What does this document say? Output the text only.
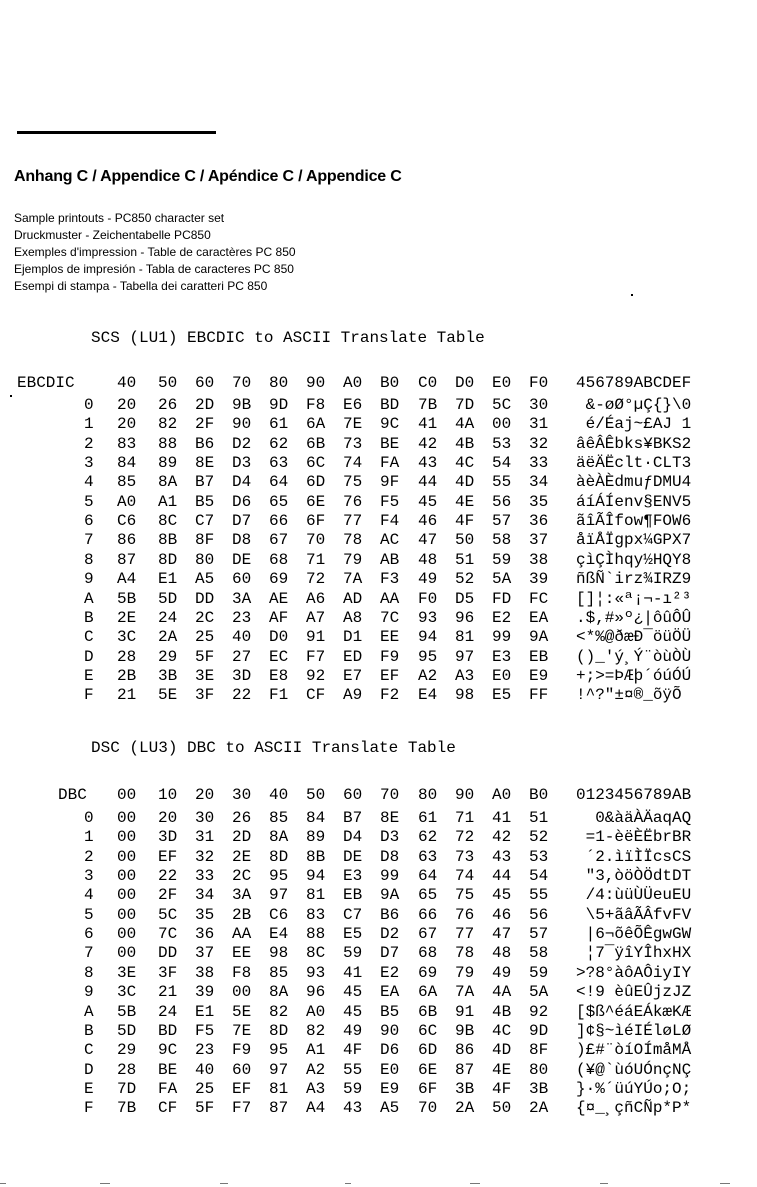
Anhang C / Appendice C / Apéndice C / Appendice C
Sample printouts - PC850 character set
Druckmuster - Zeichentabelle PC850
Exemples d'impression - Table de caractères PC 850
Ejemplos de impresión - Tabla de caracteres PC 850
Esempi di stampa - Tabella dei caratteri PC 850
SCS (LU1) EBCDIC to ASCII Translate Table
EBCDIC	40 50 60 70 80 90 A0 B0 C0 D0 E0 F0 456789ABCDEF
0 20 26 2D 9B 9D F8 E6 BD 7B 7D 5C 30 &-øØ°µÇ{}\0
1 20 82 2F 90 61 6A 7E 9C 41 4A 00 31 é/Éaj~£AJ 1
2 83 88 B6 D2 62 6B 73 BE 42 4B 53 32 âêÂÊbks¥BKS2
3 84 89 8E D3 63 6C 74 FA 43 4C 54 33 äëÄËclt·CLT3
4 85 8A B7 D4 64 6D 75 9F 44 4D 55 34 àèÀÈdmuƒDMU4
5 A0 A1 B5 D6 65 6E 76 F5 45 4E 56 35 áíÁÍenv§ENV5
6 C6 8C C7 D7 66 6F 77 F4 46 4F 57 36 ãîÃÎfow¶FOW6
7 86 8B 8F D8 67 70 78 AC 47 50 58 37 åïÅÏgpx¼GPX7
8 87 8D 80 DE 68 71 79 AB 48 51 59 38 çìÇÌhqy½HQY8
9 A4 E1 A5 60 69 72 7A F3 49 52 5A 39 ñßÑ`irz¾IRZ9
A 5B 5D DD 3A AE A6 AD AA F0 D5 FD FC []¦:«ª¡¬-ı²³
B 2E 24 2C 23 AF A7 A8 7C 93 96 E2 EA .$,#»º¿|ôûÔÛ
C 3C 2A 25 40 D0 91 D1 EE 94 81 99 9A <*%@ðæÐ¯öüÖÜ
D 28 29 5F 27 EC F7 ED F9 95 97 E3 EB ()_'ý¸Ý¨òùÒÙ
E 2B 3B 3E 3D E8 92 E7 EF A2 A3 E0 E9 +;>=ÞÆþ´óúÓÚ
F 21 5E 3F 22 F1 CF A9 F2 E4 98 E5 FF !^?"±¤®_õÿÕ
DSC (LU3) DBC to ASCII Translate Table
DBC 00 10 20 30 40 50 60 70 80 90 A0 B0 0123456789AB
0 00 20 30 26 85 84 B7 8E 61 71 41 51 0&àäÀÄaqAQ
1 00 3D 31 2D 8A 89 D4 D3 62 72 42 52 =1-èëÈËbrBR
2 00 EF 32 2E 8D 8B DE D8 63 73 43 53 ´2.ìïÌÏcsCS
3 00 22 33 2C 95 94 E3 99 64 74 44 54 "3,òöÒÖdtDT
4 00 2F 34 3A 97 81 EB 9A 65 75 45 55 /4:ùüÙÜeuEU
5 00 5C 35 2B C6 83 C7 B6 66 76 46 56 \5+ãâÃÂfvFV
6 00 7C 36 AA E4 88 E5 D2 67 77 47 57 |6¬õêÕÊgwGW
7 00 DD 37 EE 98 8C 59 D7 68 78 48 58 ¦7¯ÿîYÎhxHX
8 3E 3F 38 F8 85 93 41 E2 69 79 49 59 >?8°àôAÔiyIY
9 3C 21 39 00 8A 96 45 EA 6A 7A 4A 5A <!9 èûEÛjzJZ
A 5B 24 E1 5E 82 A0 45 B5 6B 91 4B 92 [$ß^éáEÁkæKÆ
B 5D BD F5 7E 8D 82 49 90 6C 9B 4C 9D ]¢§~ìéIÉløLØ
C 29 9C 23 F9 95 A1 4F D6 6D 86 4D 8F )£#¨òíOÍmåMÅ
D 28 BE 40 60 97 A2 55 E0 6E 87 4E 80 (¥@`ùóUÓnçNÇ
E 7D FA 25 EF 81 A3 59 E9 6F 3B 4F 3B }·%´üúYÚo;O;
F 7B CF 5F F7 87 A4 43 A5 70 2A 50 2A {¤_¸çñCÑp*P*
